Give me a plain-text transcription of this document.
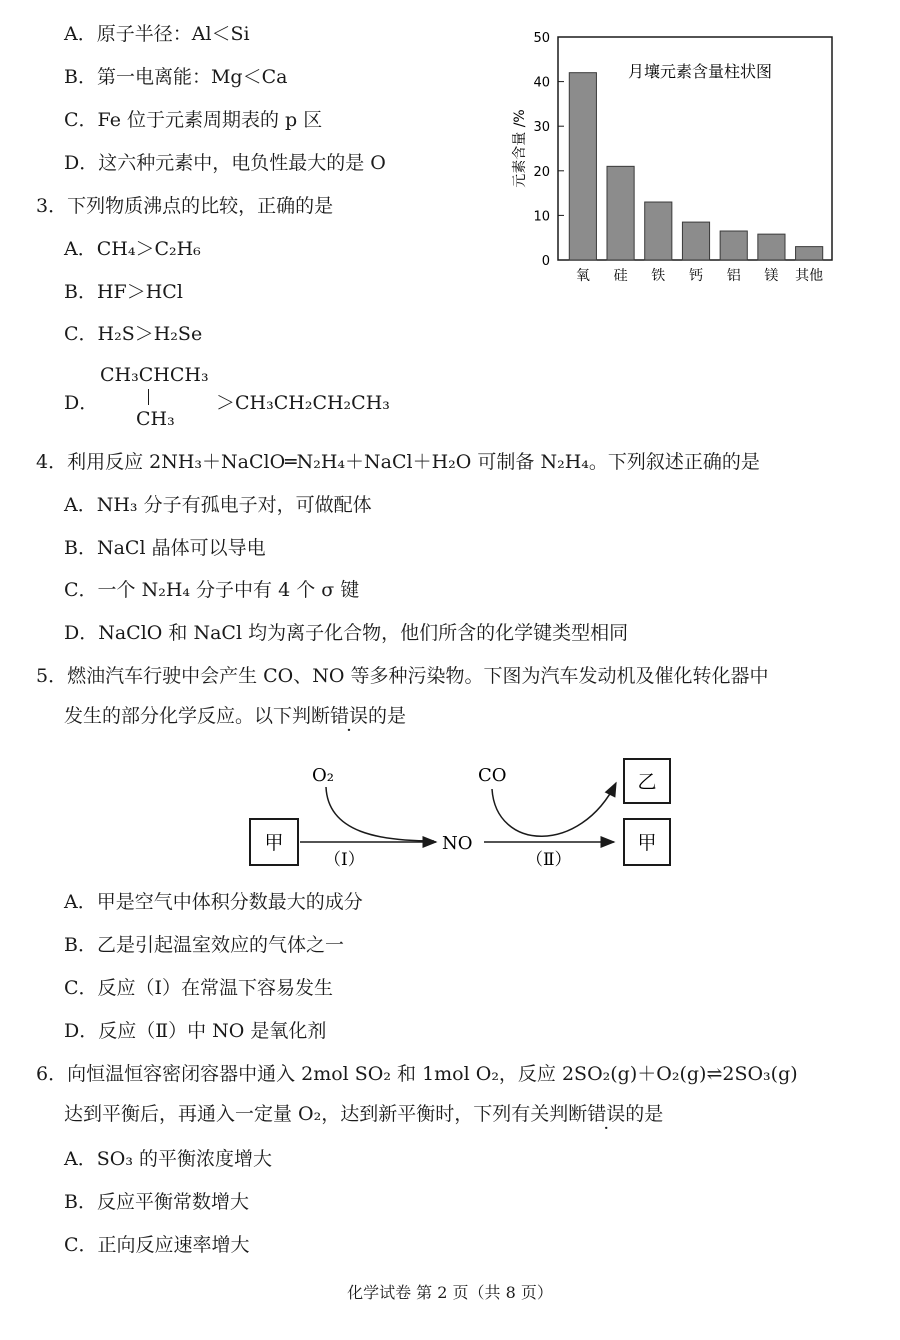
A．原子半径：Al＜Si
B．第一电离能：Mg＜Ca
C．Fe 位于元素周期表的 p 区
D．这六种元素中，电负性最大的是 O
3．下列物质沸点的比较，正确的是
A．CH₄＞C₂H₆
B．HF＞HCl
C．H₂S＞H₂Se
D．
CH₃CHCH₃
CH₃
＞CH₃CH₂CH₂CH₃
0
10
20
30
40
50
元素含量 /%
月壤元素含量柱状图
氧 硅 铁 钙 铝 镁 其他
4．利用反应 2NH₃＋NaClO═N₂H₄＋NaCl＋H₂O 可制备 N₂H₄。下列叙述正确的是
A．NH₃ 分子有孤电子对，可做配体
B．NaCl 晶体可以导电
C．一个 N₂H₄ 分子中有 4 个 σ 键
D．NaClO 和 NaCl 均为离子化合物，他们所含的化学键类型相同
5．燃油汽车行驶中会产生 CO、NO 等多种污染物。下图为汽车发动机及催化转化器中
发生的部分化学反应。以下判断错误的是
甲
O₂
（Ⅰ）
NO
CO
（Ⅱ）
乙
甲
A．甲是空气中体积分数最大的成分
B．乙是引起温室效应的气体之一
C．反应（Ⅰ）在常温下容易发生
D．反应（Ⅱ）中 NO 是氧化剂
6．向恒温恒容密闭容器中通入 2mol SO₂ 和 1mol O₂，反应 2SO₂(g)＋O₂(g)⇌2SO₃(g)
达到平衡后，再通入一定量 O₂，达到新平衡时，下列有关判断错误的是
A．SO₃ 的平衡浓度增大
B．反应平衡常数增大
C．正向反应速率增大
化学试卷 第 2 页（共 8 页）
